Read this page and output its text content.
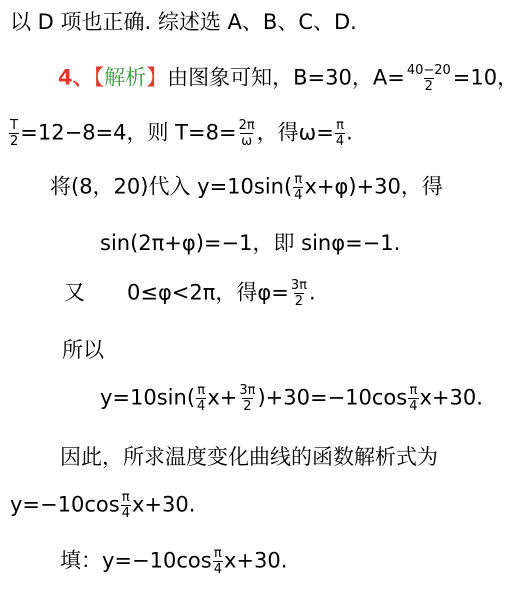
以 D 项也正确. 综述选 A、B、C、D.
4、【解析】由图象可知，B=30，$A= \frac{40-20}{2} =10$，
$\frac{T}{2} =12-8=4$，则 $T=8= \frac{2\pi}{\omega}$ ，得$\omega= \frac{\pi}{4}$ .
将(8，20)代入 $y=10\sin( \frac{\pi}{4} x+\varphi)+30$，得
sin(2π+φ)=−1，即 sinφ=−1.
又　　0≤φ<2π，得$\varphi= \frac{3\pi}{2}$ .
所以
$y=10\sin( \frac{\pi}{4} x+ \frac{3\pi}{2} )+30=-10\cos \frac{\pi}{4} x+30$.
因此，所求温度变化曲线的函数解析式为
$y=-10\cos \frac{\pi}{4} x+30$.
填：$y=-10\cos \frac{\pi}{4} x+30$.
